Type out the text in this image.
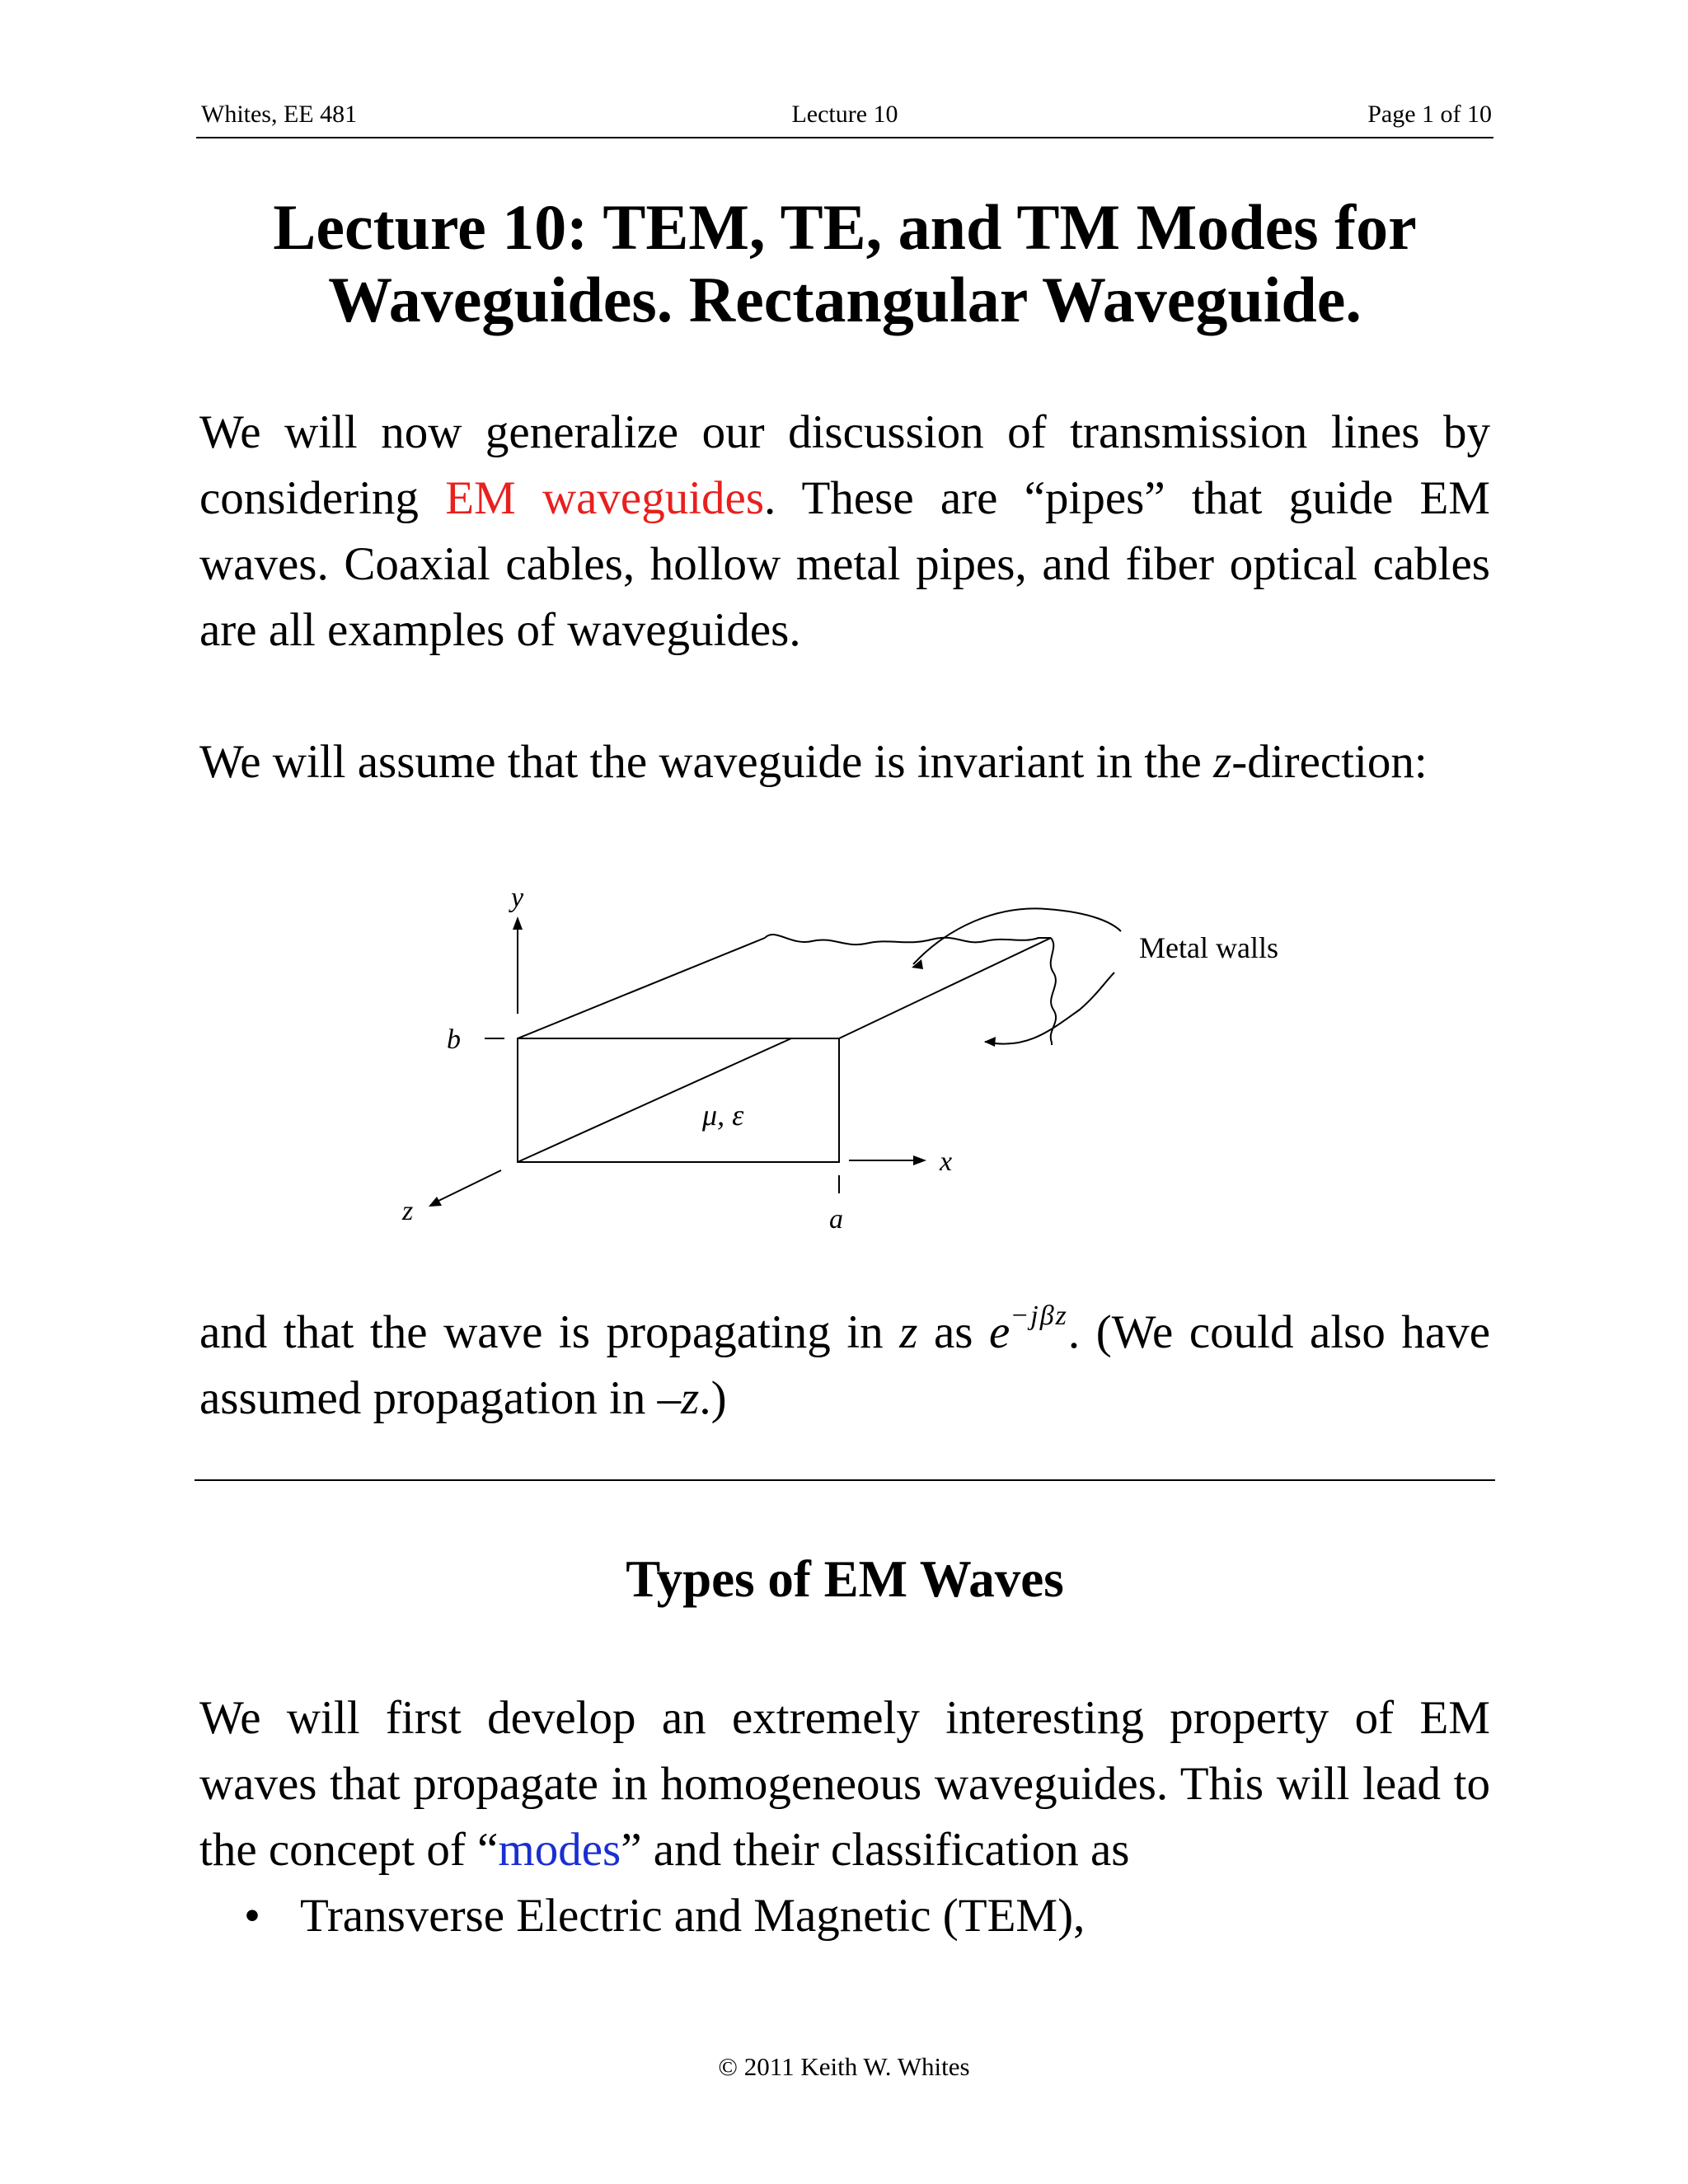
Whites, EE 481	Lecture 10	Page 1 of 10
Lecture 10: TEM, TE, and TM Modes for
Waveguides. Rectangular Waveguide.
We will now generalize our discussion of transmission lines by considering EM waveguides. These are “pipes” that guide EM waves. Coaxial cables, hollow metal pipes, and fiber optical cables are all examples of waveguides.
We will assume that the waveguide is invariant in the z-direction:
y
x
z
b
a
μ, ε
Metal walls
and that the wave is propagating in z as $e^{-j\beta z}$. (We could also have assumed propagation in –z.)
Types of EM Waves
We will first develop an extremely interesting property of EM waves that propagate in homogeneous waveguides. This will lead to the concept of “modes” and their classification as
• Transverse Electric and Magnetic (TEM),
© 2011 Keith W. Whites
